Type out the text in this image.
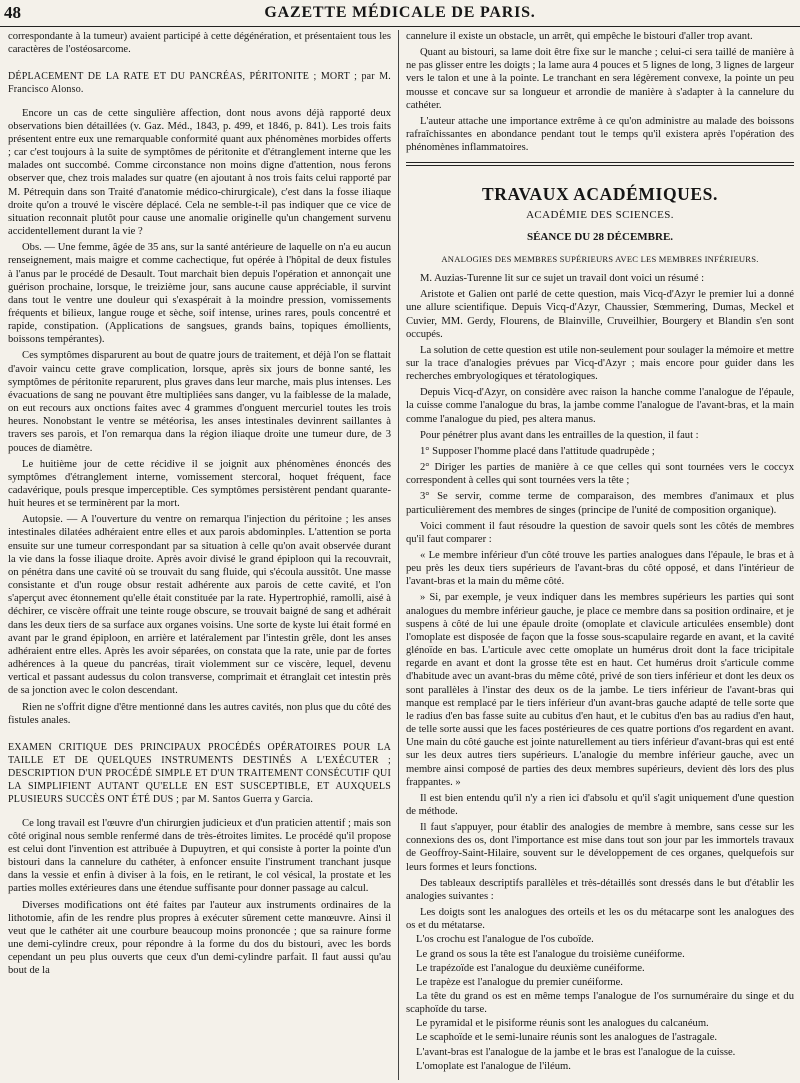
48	GAZETTE MÉDICALE DE PARIS.

correspondante à la tumeur) avaient participé à cette dégénération, et présentaient tous les caractères de l'ostéosarcome.

DÉPLACEMENT DE LA RATE ET DU PANCRÉAS, PÉRITONITE ; MORT ; par M. Francisco Alonso.

Encore un cas de cette singulière affection, dont nous avons déjà rapporté deux observations bien détaillées (v. Gaz. Méd., 1843, p. 499, et 1846, p. 841). Les trois faits présentent entre eux une remarquable conformité quant aux phénomènes morbides offerts ; car c'est toujours à la suite de symptômes de péritonite et d'étranglement interne que les malades ont succombé. Comme circonstance non moins digne d'attention, nous ferons observer que, chez trois malades sur quatre (en ajoutant à nos trois faits celui rapporté par M. Pétrequin dans son Traité d'anatomie médico-chirurgicale), c'est dans la fosse iliaque droite qu'on a trouvé le viscère déplacé. Cela ne semble-t-il pas indiquer que ce vice de situation reconnait plutôt pour cause une anomalie originelle qu'un changement survenu accidentellement durant la vie ?

Obs. — Une femme, âgée de 35 ans, sur la santé antérieure de laquelle on n'a eu aucun renseignement, mais maigre et comme cachectique, fut opérée à l'hôpital de deux fistules à l'anus par le procédé de Desault. Tout marchait bien depuis l'opération et annonçait une guérison prochaine, lorsque, le treizième jour, sans aucune cause appréciable, il survint dans tout le ventre une douleur qui s'exaspérait à la moindre pression, vomissements fréquents et bilieux, langue rouge et sèche, soif intense, urines rares, pouls concentré et rapide, constipation. (Applications de sangsues, grands bains, topiques émollients, boissons tempérantes).

Ces symptômes disparurent au bout de quatre jours de traitement, et déjà l'on se flattait d'avoir vaincu cette grave complication, lorsque, après six jours de bonne santé, les symptômes de péritonite reparurent, plus graves dans leur marche, mais plus intenses. Les évacuations de sang ne pouvant être multipliées sans danger, vu la faiblesse de la malade, on eut recours aux onctions faites avec 4 grammes d'onguent mercuriel toutes les trois heures. Nonobstant le ventre se météorisa, les anses intestinales devinrent saillantes à travers ses parois, et l'on remarqua dans la région iliaque droite une tumeur dure, de 3 pouces de diamètre.

Le huitième jour de cette récidive il se joignit aux phénomènes énoncés des symptômes d'étranglement interne, vomissement stercoral, hoquet fréquent, face cadavérique, pouls presque imperceptible. Ces symptômes persistèrent pendant quarante-huit heures et se terminèrent par la mort.

Autopsie. — A l'ouverture du ventre on remarqua l'injection du péritoine ; les anses intestinales dilatées adhéraient entre elles et aux parois abdominples. L'attention se porta ensuite sur une tumeur correspondant par sa situation à celle qu'on avait observée durant la vie dans la fosse iliaque droite. Après avoir divisé le grand épiploon qui la recouvrait, on pénétra dans une cavité où se trouvait du sang fluide, qui s'écoula aussitôt. Une masse consistante et d'un rouge obsur restait adhérente aux parois de cette cavité, et l'on s'aperçut avec étonnement qu'elle était constituée par la rate. Hypertrophié, ramolli, aisé à déchirer, ce viscère offrait une teinte rouge obscure, se trouvait baigné de sang et adhérait dans les deux tiers de sa surface aux organes voisins. Une sorte de kyste lui était formé en avant par le grand épiploon, en arrière et latéralement par l'intestin grêle, dont les anses adhéraient entre elles. Après les avoir séparées, on constata que la rate, unie par de fortes adhérences à la queue du pancréas, tirait violemment sur ce viscère, lequel, devenu vertical et passant audessus du colon transverse, comprimait et étranglait cet intestin près de sa jonction avec le colon descendant.

Rien ne s'offrit digne d'être mentionné dans les autres cavités, non plus que du côté des fistules anales.

EXAMEN CRITIQUE DES PRINCIPAUX PROCÉDÉS OPÉRATOIRES POUR LA TAILLE ET DE QUELQUES INSTRUMENTS DESTINÉS A L'EXÉCUTER ; DESCRIPTION D'UN PROCÉDÉ SIMPLE ET D'UN TRAITEMENT CONSÉCUTIF QUI LA SIMPLIFIENT AUTANT QU'ELLE EN EST SUSCEPTIBLE, ET AUXQUELS PLUSIEURS SUCCÈS ONT ÉTÉ DUS ; par M. Santos Guerra y Garcia.

Ce long travail est l'œuvre d'un chirurgien judicieux et d'un praticien attentif ; mais son côté original nous semble renfermé dans de très-étroites limites. Le procédé qu'il propose est celui dont l'invention est attribuée à Dupuytren, et qui consiste à porter la pointe d'un bistouri dans la cannelure du cathéter, à enfoncer ensuite l'instrument tranchant jusque dans la vessie et enfin à diviser à la fois, en le retirant, le col vésical, la prostate et les parties molles extérieures dans une étendue suffisante pour donner passage au calcul.

Diverses modifications ont été faites par l'auteur aux instruments ordinaires de la lithotomie, afin de les rendre plus propres à exécuter sûrement cette manœuvre. Ainsi il veut que le cathéter ait une courbure beaucoup moins prononcée ; que sa rainure forme une demi-cylindre creux, pour répondre à la forme du dos du bistouri, avec les bords cependant un peu plus ouverts que ceux d'un demi-cylindre parfait. Il faut aussi qu'au bout de la

cannelure il existe un obstacle, un arrêt, qui empêche le bistouri d'aller trop avant.

Quant au bistouri, sa lame doit être fixe sur le manche ; celui-ci sera taillé de manière à ne pas glisser entre les doigts ; la lame aura 4 pouces et 5 lignes de long, 3 lignes de largeur vers le talon et une à la pointe. Le tranchant en sera légèrement convexe, la pointe un peu mousse et concave sur sa longueur et arrondie de manière à s'adapter à la cannelure du cathéter.

L'auteur attache une importance extrême à ce qu'on administre au malade des boissons rafraîchissantes en abondance pendant tout le temps qu'il existera après l'opération des phénomènes inflammatoires.

TRAVAUX ACADÉMIQUES.
ACADÉMIE DES SCIENCES.
SÉANCE DU 28 DÉCEMBRE.
ANALOGIES DES MEMBRES SUPÉRIEURS AVEC LES MEMBRES INFÉRIEURS.

M. Auzias-Turenne lit sur ce sujet un travail dont voici un résumé :

Aristote et Galien ont parlé de cette question, mais Vicq-d'Azyr le premier lui a donné une allure scientifique. Depuis Vicq-d'Azyr, Chaussier, Sœmmering, Dumas, Meckel et Cuvier, MM. Gerdy, Flourens, de Blainville, Cruveilhier, Bourgery et Blandin s'en sont occupés.

La solution de cette question est utile non-seulement pour soulager la mémoire et mettre sur la trace d'analogies prévues par Vicq-d'Azyr ; mais encore pour guider dans les recherches embryologiques et tératologiques.

Depuis Vicq-d'Azyr, on considère avec raison la hanche comme l'analogue de l'épaule, la cuisse comme l'analogue du bras, la jambe comme l'analogue de l'avant-bras, et la main comme l'analogue du pied, pes altera manus.

Pour pénétrer plus avant dans les entrailles de la question, il faut :

1° Supposer l'homme placé dans l'attitude quadrupède ;

2° Diriger les parties de manière à ce que celles qui sont tournées vers le coccyx correspondent à celles qui sont tournées vers la tête ;

3° Se servir, comme terme de comparaison, des membres d'animaux et plus particulièrement des membres de singes (principe de l'unité de composition organique).

Voici comment il faut résoudre la question de savoir quels sont les côtés de membres qu'il faut comparer :

« Le membre inférieur d'un côté trouve les parties analogues dans l'épaule, le bras et à peu près les deux tiers supérieurs de l'avant-bras du côté opposé, et dans l'intérieur de l'avant-bras et la main du même côté.

» Si, par exemple, je veux indiquer dans les membres supérieurs les parties qui sont analogues du membre inférieur gauche, je place ce membre dans sa position ordinaire, et je suspens à côté de lui une épaule droite (omoplate et clavicule articulées ensemble) dont l'omoplate est disposée de façon que la fosse sous-scapulaire regarde en avant, et la cavité glénoïde en bas. L'articule avec cette omoplate un humérus droit dont la face tricipitale regarde en avant et dont la grosse tête est en haut. Cet humérus droit s'articule comme d'habitude avec un avant-bras du même côté, privé de son tiers inférieur et dont les deux os sont parallèles à l'instar des deux os de la jambe. Le tiers inférieur de l'avant-bras qui manque est remplacé par le tiers inférieur d'un avant-bras gauche adapté de telle sorte que le radius d'en bas fasse suite au cubitus d'en haut, et le cubitus d'en bas au radius d'en haut, de telle sorte aussi que les faces postérieures de ces quatre portions d'os regardent en avant. Une main du côté gauche est jointe naturellement au tiers inférieur d'avant-bras qui est enté sur les deux autres tiers supérieurs. L'analogie du membre inférieur gauche, avec un membre ainsi composé de parties des deux membres supérieurs, devient dès lors des plus frappantes. »

Il est bien entendu qu'il n'y a rien ici d'absolu et qu'il s'agit uniquement d'une question de méthode.

Il faut s'appuyer, pour établir des analogies de membre à membre, sans cesse sur les connexions des os, dont l'importance est mise dans tout son jour par les immortels travaux de Geoffroy-Saint-Hilaire, souvent sur le développement de ces organes, quelquefois sur leurs formes et leurs fonctions.

Des tableaux descriptifs parallèles et très-détaillés sont dressés dans le but d'établir les analogies suivantes :

Les doigts sont les analogues des orteils et les os du métacarpe sont les analogues des os et du métatarse.

L'os crochu est l'analogue de l'os cuboïde.

Le grand os sous la tête est l'analogue du troisième cunéiforme.

Le trapézoïde est l'analogue du deuxième cunéiforme.

Le trapèze est l'analogue du premier cunéiforme.

La tête du grand os est en même temps l'analogue de l'os surnuméraire du singe et du scaphoïde du tarse.

Le pyramidal et le pisiforme réunis sont les analogues du calcanéum.

Le scaphoïde et le semi-lunaire réunis sont les analogues de l'astragale.

L'avant-bras est l'analogue de la jambe et le bras est l'analogue de la cuisse.

L'omoplate est l'analogue de l'iléum.
